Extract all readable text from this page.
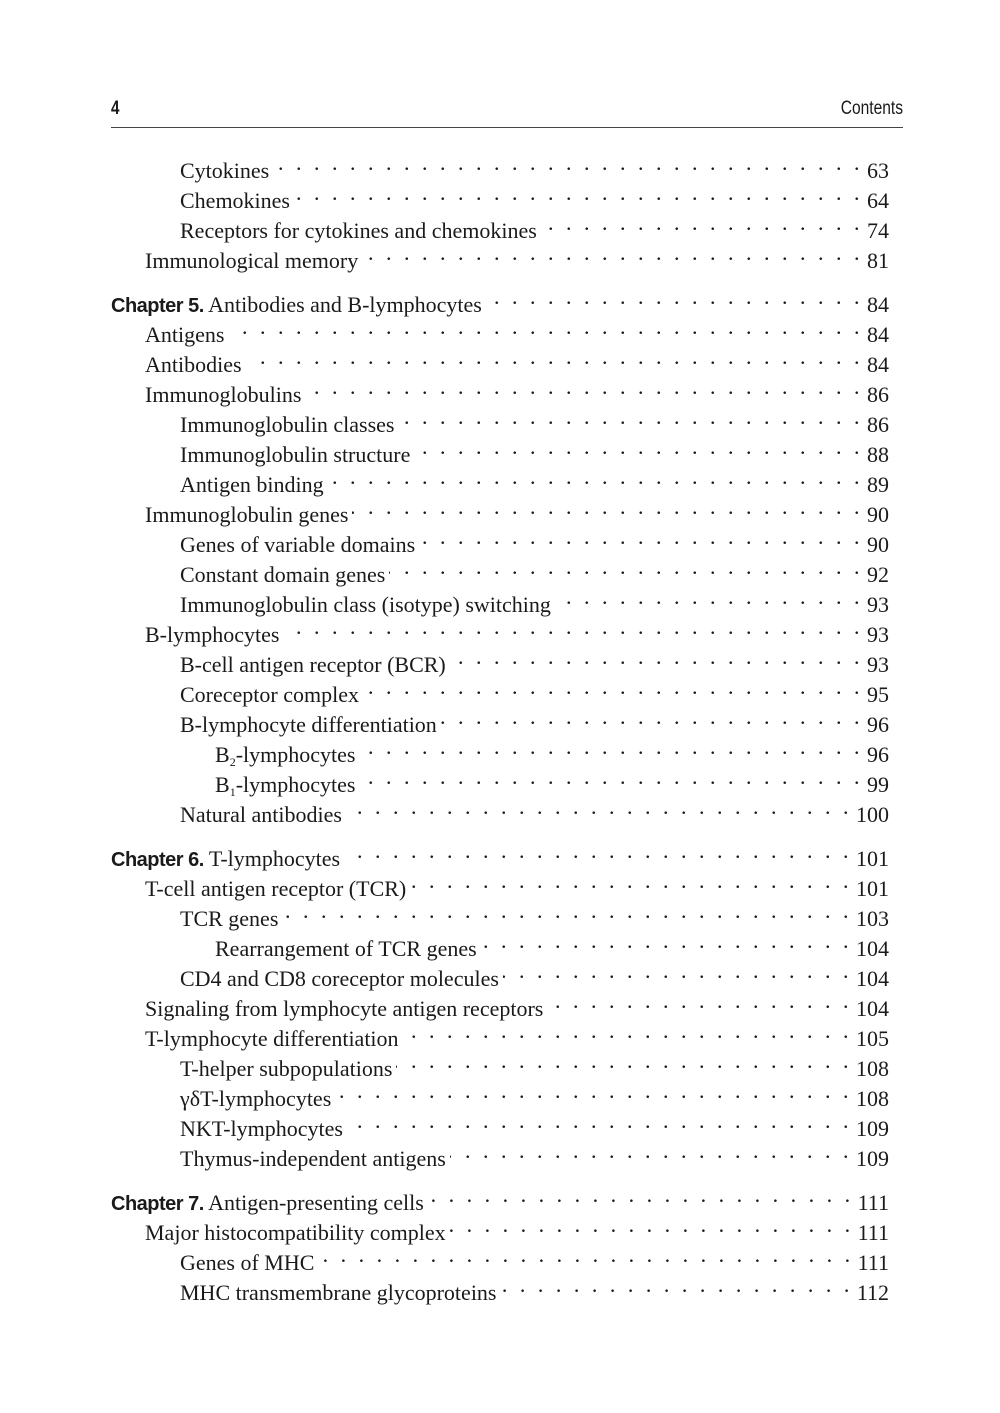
4	Contents
Cytokines . . .	63
Chemokines . . .	64
Receptors for cytokines and chemokines . . .	74
Immunological memory . . .	81
Chapter 5. Antibodies and B-lymphocytes . . .	84
Antigens . . .	84
Antibodies . . .	84
Immunoglobulins . . .	86
Immunoglobulin classes . . .	86
Immunoglobulin structure . . .	88
Antigen binding . . .	89
Immunoglobulin genes . . .	90
Genes of variable domains . . .	90
Constant domain genes . . .	92
Immunoglobulin class (isotype) switching . . .	93
B-lymphocytes . . .	93
B-cell antigen receptor (BCR) . . .	93
Coreceptor complex . . .	95
B-lymphocyte differentiation . . .	96
$B_2$-lymphocytes . . .	96
$B_1$-lymphocytes . . .	99
Natural antibodies . . .	100
Chapter 6. T-lymphocytes . . .	101
T-cell antigen receptor (TCR) . . .	101
TCR genes . . .	103
Rearrangement of TCR genes . . .	104
CD4 and CD8 coreceptor molecules . . .	104
Signaling from lymphocyte antigen receptors . . .	104
T-lymphocyte differentiation . . .	105
T-helper subpopulations . . .	108
γδT-lymphocytes . . .	108
NKT-lymphocytes . . .	109
Thymus-independent antigens . . .	109
Chapter 7. Antigen-presenting cells . . .	111
Major histocompatibility complex . . .	111
Genes of MHC . . .	111
MHC transmembrane glycoproteins . . .	112
